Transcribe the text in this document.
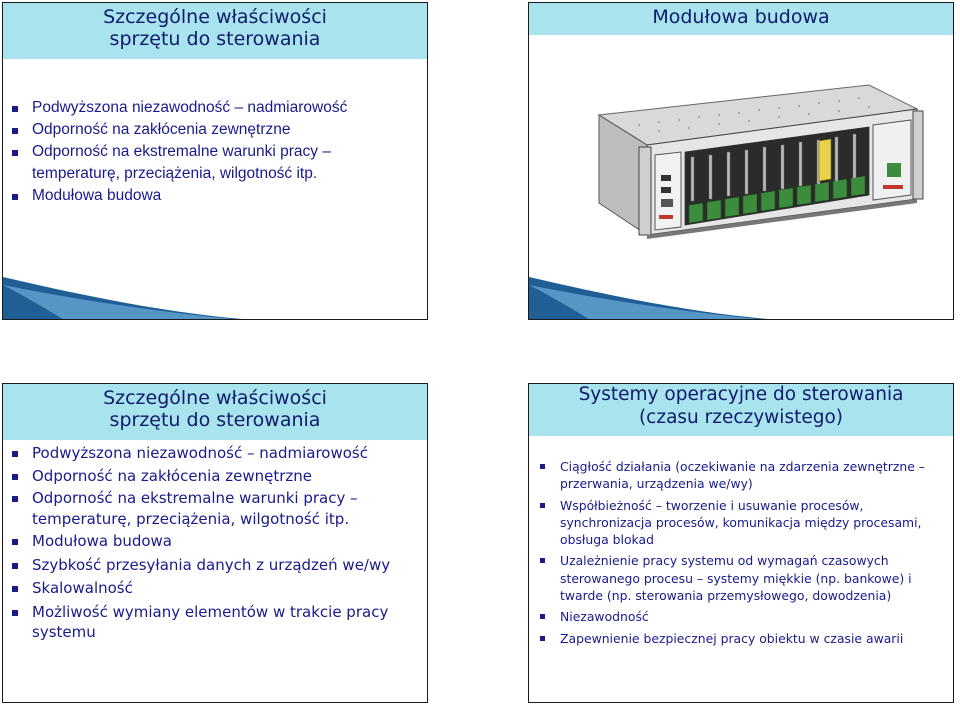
Szczególne właściwości
sprzętu do sterowania
Podwyższona niezawodność – nadmiarowość
Odporność na zakłócenia zewnętrzne
Odporność na ekstremalne warunki pracy – temperaturę, przeciążenia, wilgotność itp.
Modułowa budowa
Modułowa budowa
Szczególne właściwości
sprzętu do sterowania
Podwyższona niezawodność – nadmiarowość
Odporność na zakłócenia zewnętrzne
Odporność na ekstremalne warunki pracy – temperaturę, przeciążenia, wilgotność itp.
Modułowa budowa
Szybkość przesyłania danych z urządzeń we/wy
Skalowalność
Możliwość wymiany elementów w trakcie pracy systemu
Systemy operacyjne do sterowania
(czasu rzeczywistego)
Ciągłość działania (oczekiwanie na zdarzenia zewnętrzne – przerwania, urządzenia we/wy)
Współbieżność – tworzenie i usuwanie procesów, synchronizacja procesów, komunikacja między procesami, obsługa blokad
Uzależnienie pracy systemu od wymagań czasowych sterowanego procesu – systemy miękkie (np. bankowe) i twarde (np. sterowania przemysłowego, dowodzenia)
Niezawodność
Zapewnienie bezpiecznej pracy obiektu w czasie awarii
